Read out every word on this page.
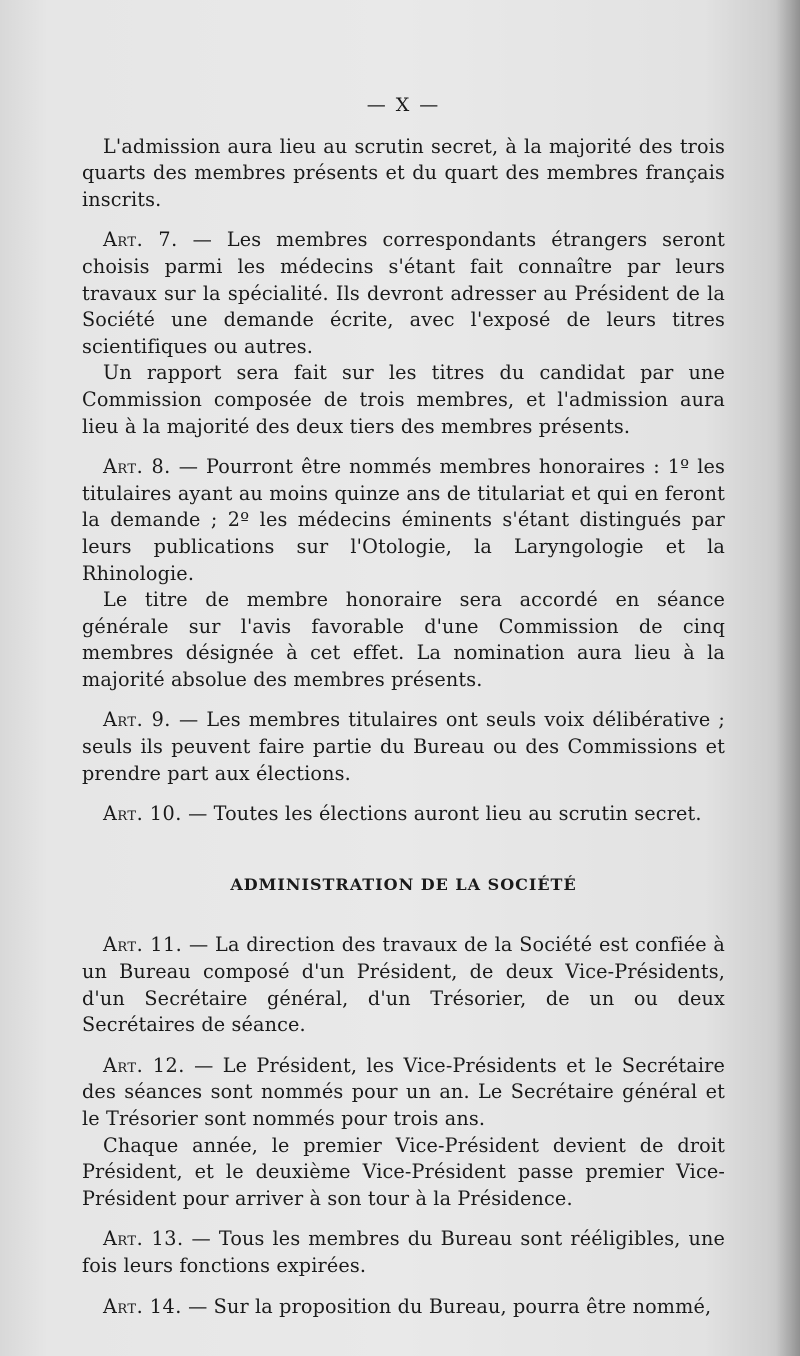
— X —

L'admission aura lieu au scrutin secret, à la majorité des trois quarts des membres présents et du quart des membres français inscrits.

Art. 7. — Les membres correspondants étrangers seront choisis parmi les médecins s'étant fait connaître par leurs travaux sur la spécialité. Ils devront adresser au Président de la Société une demande écrite, avec l'exposé de leurs titres scientifiques ou autres.

Un rapport sera fait sur les titres du candidat par une Commission composée de trois membres, et l'admission aura lieu à la majorité des deux tiers des membres présents.

Art. 8. — Pourront être nommés membres honoraires : 1º les titulaires ayant au moins quinze ans de titulariat et qui en feront la demande ; 2º les médecins éminents s'étant distingués par leurs publications sur l'Otologie, la Laryngologie et la Rhinologie.

Le titre de membre honoraire sera accordé en séance générale sur l'avis favorable d'une Commission de cinq membres désignée à cet effet. La nomination aura lieu à la majorité absolue des membres présents.

Art. 9. — Les membres titulaires ont seuls voix délibérative ; seuls ils peuvent faire partie du Bureau ou des Commissions et prendre part aux élections.

Art. 10. — Toutes les élections auront lieu au scrutin secret.

ADMINISTRATION DE LA SOCIÉTÉ

Art. 11. — La direction des travaux de la Société est confiée à un Bureau composé d'un Président, de deux Vice-Présidents, d'un Secrétaire général, d'un Trésorier, de un ou deux Secrétaires de séance.

Art. 12. — Le Président, les Vice-Présidents et le Secrétaire des séances sont nommés pour un an. Le Secrétaire général et le Trésorier sont nommés pour trois ans.

Chaque année, le premier Vice-Président devient de droit Président, et le deuxième Vice-Président passe premier Vice-Président pour arriver à son tour à la Présidence.

Art. 13. — Tous les membres du Bureau sont rééligibles, une fois leurs fonctions expirées.

Art. 14. — Sur la proposition du Bureau, pourra être nommé,
